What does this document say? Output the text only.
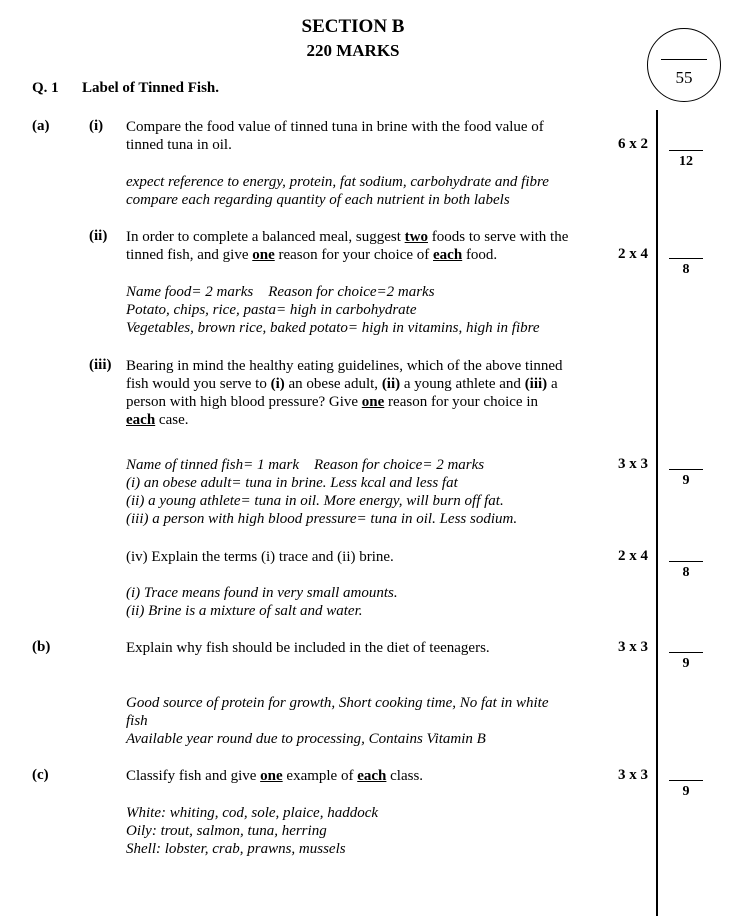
SECTION B
220 MARKS
55
Q. 1 Label of Tinned Fish.
(a)	(i) Compare the food value of tinned tuna in brine with the food value of
tinned tuna in oil.	6 x 2
12
expect reference to energy, protein, fat sodium, carbohydrate and fibre
compare each regarding quantity of each nutrient in both labels
(ii) In order to complete a balanced meal, suggest two foods to serve with the
tinned fish, and give one reason for your choice of each food.	2 x 4
8
Name food= 2 marks    Reason for choice=2 marks
Potato, chips, rice, pasta= high in carbohydrate
Vegetables, brown rice, baked potato= high in vitamins, high in fibre
(iii) Bearing in mind the healthy eating guidelines, which of the above tinned
fish would you serve to (i) an obese adult, (ii) a young athlete and (iii) a
person with high blood pressure? Give one reason for your choice in
each case.
3 x 3
9
Name of tinned fish= 1 mark    Reason for choice= 2 marks
(i) an obese adult= tuna in brine. Less kcal and less fat
(ii) a young athlete= tuna in oil. More energy, will burn off fat.
(iii) a person with high blood pressure= tuna in oil. Less sodium.
(iv) Explain the terms (i) trace and (ii) brine.	2 x 4
8
(i) Trace means found in very small amounts.
(ii) Brine is a mixture of salt and water.
(b)	Explain why fish should be included in the diet of teenagers.	3 x 3
9
Good source of protein for growth, Short cooking time, No fat in white
fish
Available year round due to processing, Contains Vitamin B
(c)	Classify fish and give one example of each class.	3 x 3
9
White: whiting, cod, sole, plaice, haddock
Oily: trout, salmon, tuna, herring
Shell: lobster, crab, prawns, mussels
